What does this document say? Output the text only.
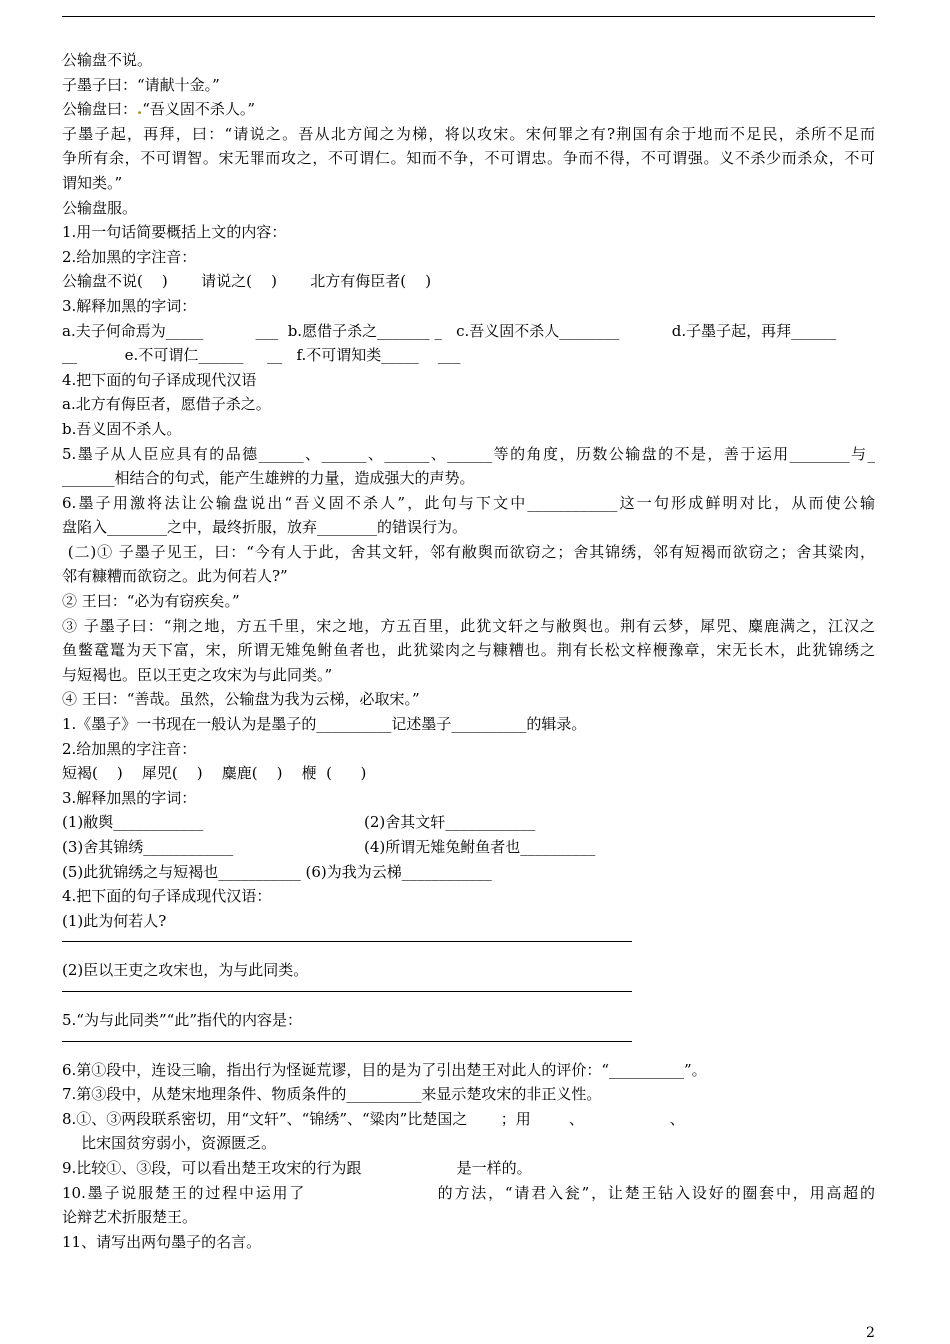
公输盘不说。
子墨子曰：“请献十金。”
公输盘曰：.“吾义固不杀人。”
子墨子起，再拜，曰：“请说之。吾从北方闻之为梯，将以攻宋。宋何罪之有?荆国有余于地而不足民，杀所不足而
争所有余，不可谓智。宋无罪而攻之，不可谓仁。知而不争，不可谓忠。争而不得，不可谓强。义不杀少而杀众，不可
谓知类。”
公输盘服。
1.用一句话简要概括上文的内容：
2.给加黑的字注音：
公输盘不说(    )       请说之(    )       北方有侮臣者(    )
3.解释加黑的字词：
a.夫子何命焉为_____           ___  b.愿借子杀之_______ _   c.吾义固不杀人________           d.子墨子起，再拜______
__          e.不可谓仁______     __   f.不可谓知类_____    ___
4.把下面的句子译成现代汉语
a.北方有侮臣者，愿借子杀之。
b.吾义固不杀人。
5.墨子从人臣应具有的品德______、______、______、______等的角度，历数公输盘的不是，善于运用________与_
_______相结合的句式，能产生雄辨的力量，造成强大的声势。
6.墨子用激将法让公输盘说出“吾义固不杀人”，此句与下文中____________这一句形成鲜明对比，从而使公输
盘陷入________之中，最终折服，放弃________的错误行为。
(二)① 子墨子见王，曰：“今有人于此，舍其文轩，邻有敝舆而欲窃之；舍其锦绣，邻有短褐而欲窃之；舍其粱肉，
邻有糠糟而欲窃之。此为何若人?”
② 王曰：“必为有窃疾矣。”
③ 子墨子曰：“荆之地，方五千里，宋之地，方五百里，此犹文轩之与敝舆也。荆有云梦，犀兕、麋鹿满之，江汉之
鱼鳖鼋鼍为天下富，宋，所谓无雉兔鲋鱼者也，此犹粱肉之与糠糟也。荆有长松文梓楩豫章，宋无长木，此犹锦绣之
与短褐也。臣以王吏之攻宋为与此同类。”
④ 王曰：“善哉。虽然，公输盘为我为云梯，必取宋。”
1.《墨子》一书现在一般认为是墨子的__________记述墨子__________的辑录。
2.给加黑的字注音：
短褐(    )    犀兕(    )    麋鹿(    )    楩  (      )
3.解释加黑的字词：
(1)敝舆____________	(2)舍其文轩____________
(3)舍其锦绣____________	(4)所谓无雉兔鲋鱼者也__________
(5)此犹锦绣之与短褐也___________ (6)为我为云梯____________
4.把下面的句子译成现代汉语：
(1)此为何若人?
(2)臣以王吏之攻宋也，为与此同类。
5.“为与此同类”“此”指代的内容是：
6.第①段中，连设三喻，指出行为怪诞荒谬，目的是为了引出楚王对此人的评价：“__________”。
7.第③段中，从楚宋地理条件、物质条件的__________来显示楚攻宋的非正义性。
8.①、③两段联系密切，用“文轩”、“锦绣”、“粱肉”比楚国之       ；用        、                  、
比宋国贫穷弱小，资源匮乏。
9.比较①、③段，可以看出楚王攻宋的行为跟                    是一样的。
10.墨子说服楚王的过程中运用了                    的方法，“请君入瓮”，让楚王钻入设好的圈套中，用高超的
论辩艺术折服楚王。
11、请写出两句墨子的名言。
2
